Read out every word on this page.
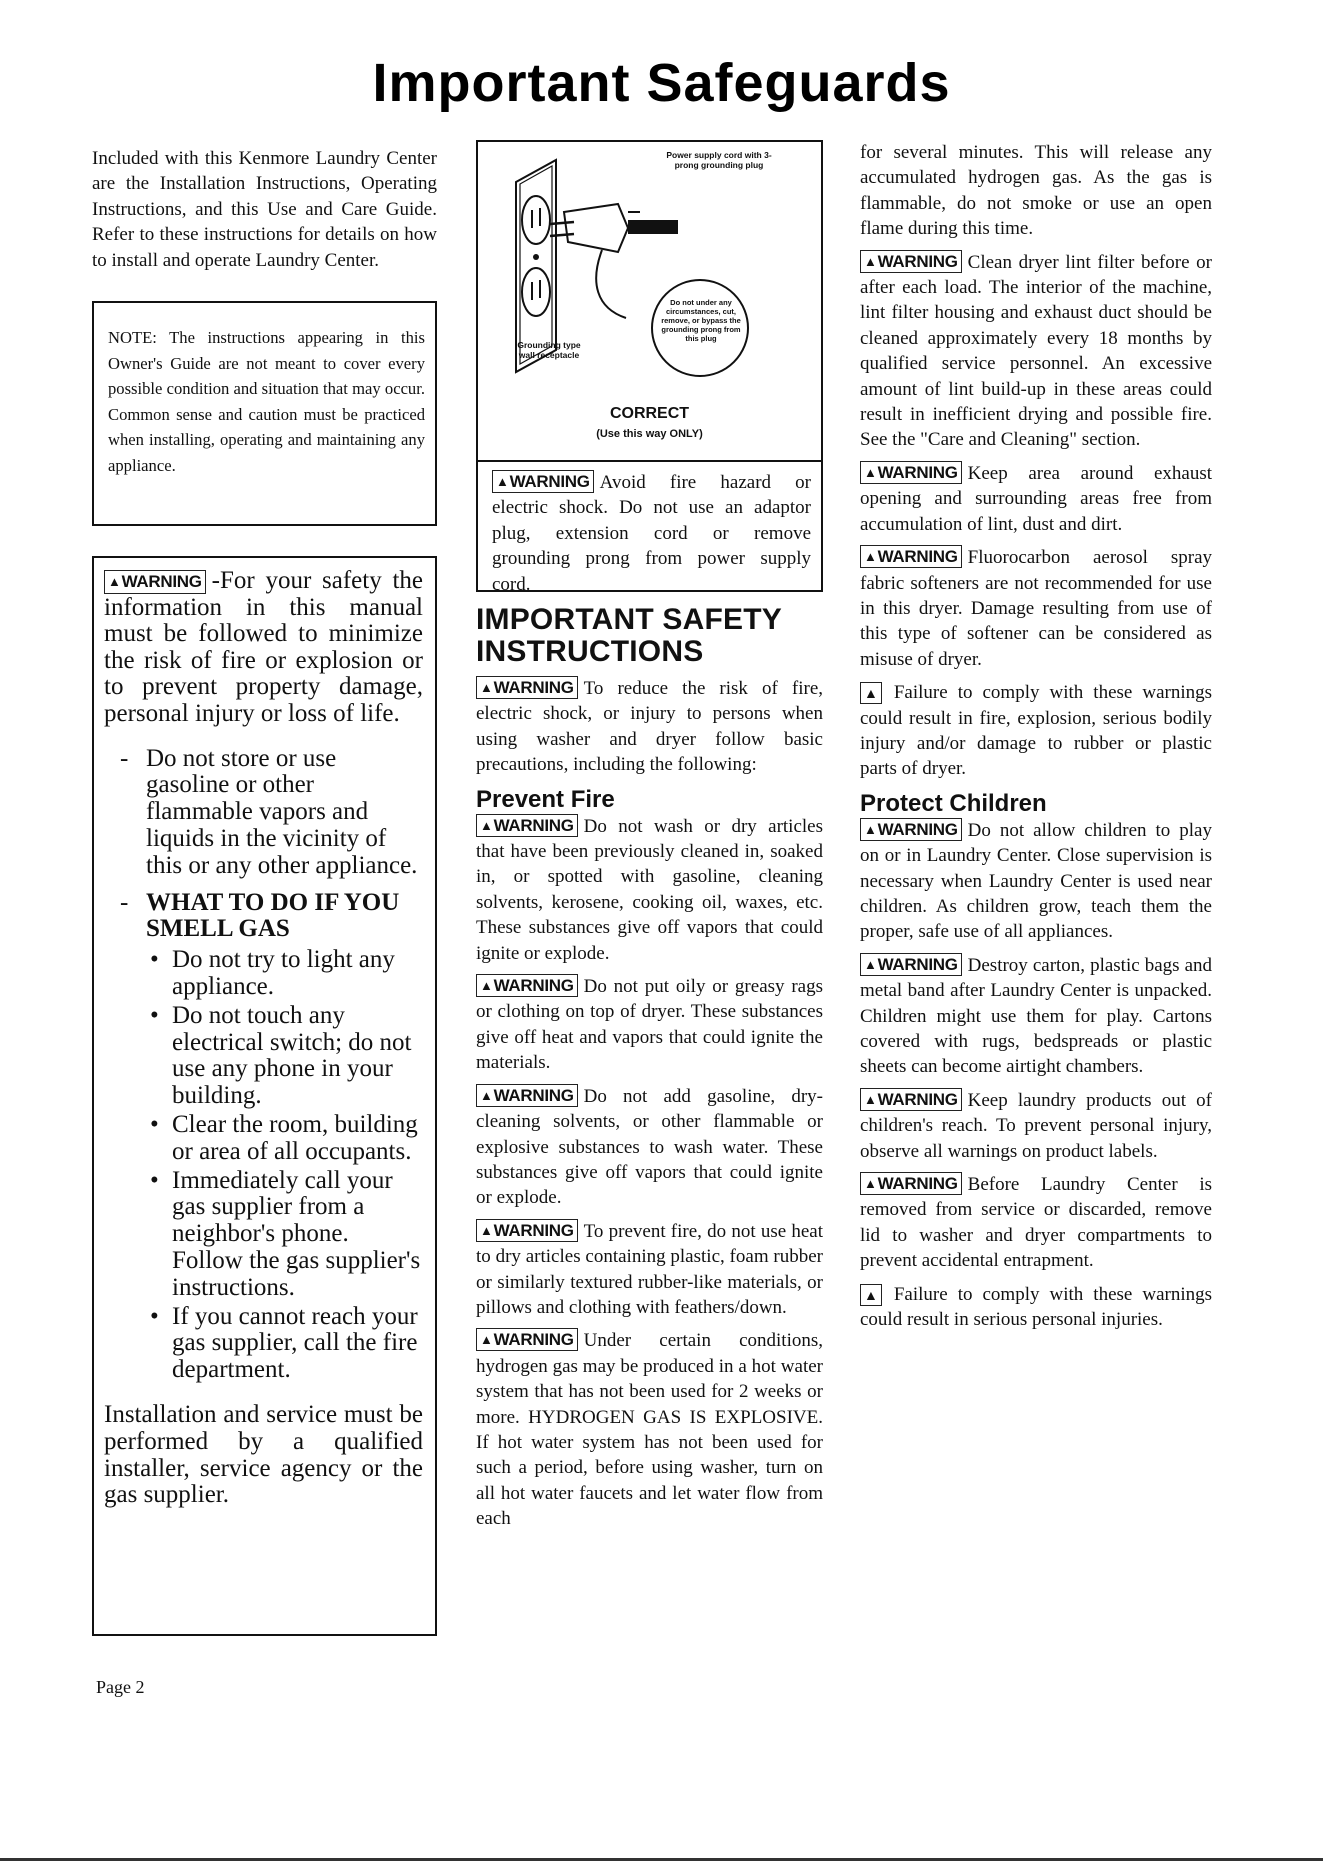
Important Safeguards

Included with this Kenmore Laundry Center are the Installation Instructions, Operating Instructions, and this Use and Care Guide. Refer to these instructions for details on how to install and operate Laundry Center.

NOTE: The instructions appearing in this Owner's Guide are not meant to cover every possible condition and situation that may occur. Common sense and caution must be practiced when installing, operating and maintaining any appliance.

▲WARNING -For your safety the information in this manual must be followed to minimize the risk of fire or explosion or to prevent property damage, personal injury or loss of life.

- Do not store or use gasoline or other flammable vapors and liquids in the vicinity of this or any other appliance.
- WHAT TO DO IF YOU SMELL GAS
• Do not try to light any appliance.
• Do not touch any electrical switch; do not use any phone in your building.
• Clear the room, building or area of all occupants.
• Immediately call your gas supplier from a neighbor's phone. Follow the gas supplier's instructions.
• If you cannot reach your gas supplier, call the fire department.

Installation and service must be performed by a qualified installer, service agency or the gas supplier.

Page 2
Power supply cord with 3-prong grounding plug
Grounding type wall receptacle
Do not under any circumstances, cut, remove, or bypass the grounding prong from this plug
CORRECT
(Use this way ONLY)

▲WARNING Avoid fire hazard or electric shock. Do not use an adaptor plug, extension cord or remove grounding prong from power supply cord.

IMPORTANT SAFETY INSTRUCTIONS

▲WARNING To reduce the risk of fire, electric shock, or injury to persons when using washer and dryer follow basic precautions, including the following:

Prevent Fire

▲WARNING Do not wash or dry articles that have been previously cleaned in, soaked in, or spotted with gasoline, cleaning solvents, kerosene, cooking oil, waxes, etc. These substances give off vapors that could ignite or explode.

▲WARNING Do not put oily or greasy rags or clothing on top of dryer. These substances give off heat and vapors that could ignite the materials.

▲WARNING Do not add gasoline, dry-cleaning solvents, or other flammable or explosive substances to wash water. These substances give off vapors that could ignite or explode.

▲WARNING To prevent fire, do not use heat to dry articles containing plastic, foam rubber or similarly textured rubber-like materials, or pillows and clothing with feathers/down.

▲WARNING Under certain conditions, hydrogen gas may be produced in a hot water system that has not been used for 2 weeks or more. HYDROGEN GAS IS EXPLOSIVE. If hot water system has not been used for such a period, before using washer, turn on all hot water faucets and let water flow from each

for several minutes. This will release any accumulated hydrogen gas. As the gas is flammable, do not smoke or use an open flame during this time.

▲WARNING Clean dryer lint filter before or after each load. The interior of the machine, lint filter housing and exhaust duct should be cleaned approximately every 18 months by qualified service personnel. An excessive amount of lint build-up in these areas could result in inefficient drying and possible fire. See the "Care and Cleaning" section.

▲WARNING Keep area around exhaust opening and surrounding areas free from accumulation of lint, dust and dirt.

▲WARNING Fluorocarbon aerosol spray fabric softeners are not recommended for use in this dryer. Damage resulting from use of this type of softener can be considered as misuse of dryer.

▲ Failure to comply with these warnings could result in fire, explosion, serious bodily injury and/or damage to rubber or plastic parts of dryer.

Protect Children

▲WARNING Do not allow children to play on or in Laundry Center. Close supervision is necessary when Laundry Center is used near children. As children grow, teach them the proper, safe use of all appliances.

▲WARNING Destroy carton, plastic bags and metal band after Laundry Center is unpacked. Children might use them for play. Cartons covered with rugs, bedspreads or plastic sheets can become airtight chambers.

▲WARNING Keep laundry products out of children's reach. To prevent personal injury, observe all warnings on product labels.

▲WARNING Before Laundry Center is removed from service or discarded, remove lid to washer and dryer compartments to prevent accidental entrapment.

▲ Failure to comply with these warnings could result in serious personal injuries.
